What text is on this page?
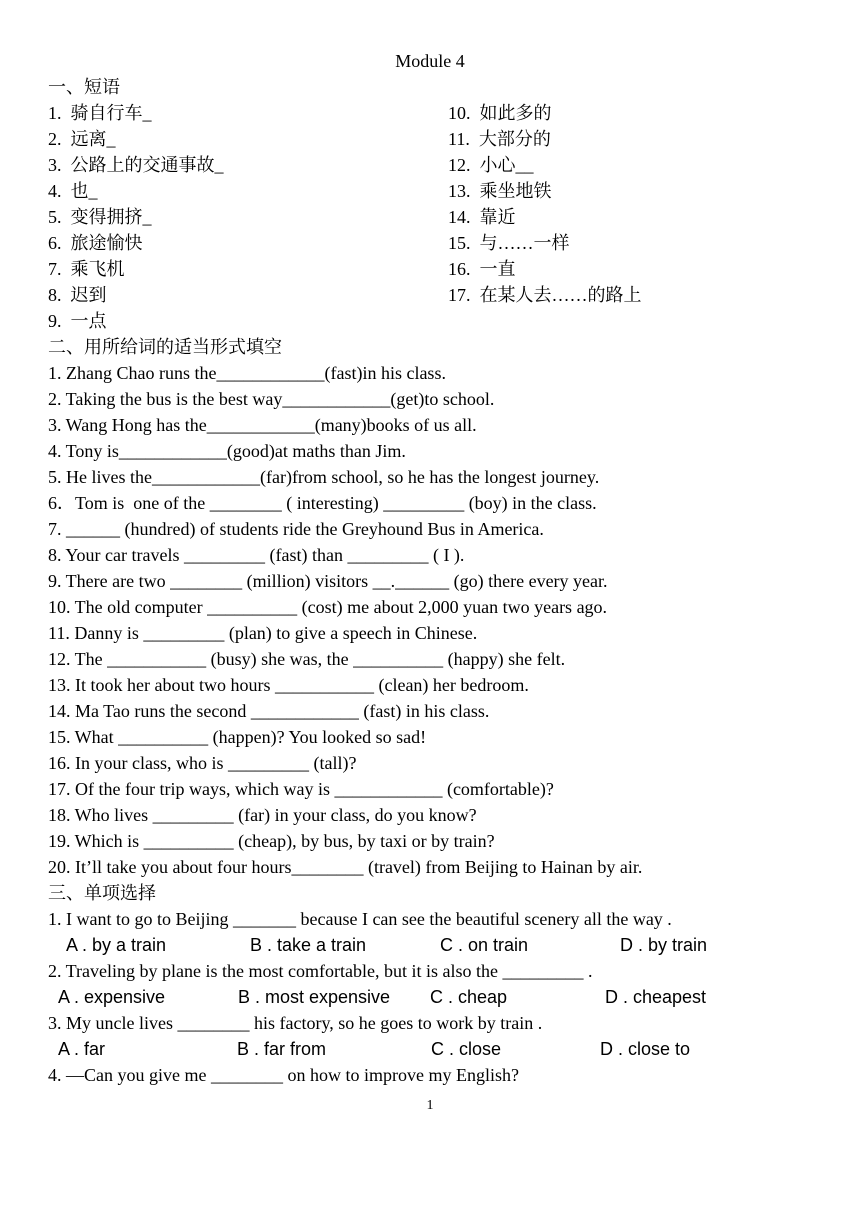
Module 4
一、短语
1.  骑自行车_
2.  远离_
3.  公路上的交通事故_
4.  也_
5.  变得拥挤_
6.  旅途愉快
7.  乘飞机
8.  迟到
9.  一点
10.  如此多的
11.  大部分的
12.  小心__
13.  乘坐地铁
14.  靠近
15.  与……一样
16.  一直
17.  在某人去……的路上
二、用所给词的适当形式填空
1. Zhang Chao runs the____________(fast)in his class.
2. Taking the bus is the best way____________(get)to school.
3. Wang Hong has the____________(many)books of us all.
4. Tony is____________(good)at maths than Jim.
5. He lives the____________(far)from school, so he has the longest journey.
6．Tom is  one of the ________ ( interesting) _________ (boy) in the class.
7. ______ (hundred) of students ride the Greyhound Bus in America.
8. Your car travels _________ (fast) than _________ ( I ).
9. There are two ________ (million) visitors __.______ (go) there every year.
10. The old computer __________ (cost) me about 2,000 yuan two years ago.
11. Danny is _________ (plan) to give a speech in Chinese.
12. The ___________ (busy) she was, the __________ (happy) she felt.
13. It took her about two hours ___________ (clean) her bedroom.
14. Ma Tao runs the second ____________ (fast) in his class.
15. What __________ (happen)? You looked so sad!
16. In your class, who is _________ (tall)?
17. Of the four trip ways, which way is ____________ (comfortable)?
18. Who lives _________ (far) in your class, do you know?
19. Which is __________ (cheap), by bus, by taxi or by train?
20. It’ll take you about four hours________ (travel) from Beijing to Hainan by air.
三、单项选择
1. I want to go to Beijing _______ because I can see the beautiful scenery all the way .
A . by a train	B . take a train	C . on train	D . by train
2. Traveling by plane is the most comfortable, but it is also the _________ .
A . expensive	B . most expensive C . cheap	D . cheapest
3. My uncle lives ________ his factory, so he goes to work by train .
A . far	B . far from	C . close	D . close to
4. —Can you give me ________ on how to improve my English?
1
